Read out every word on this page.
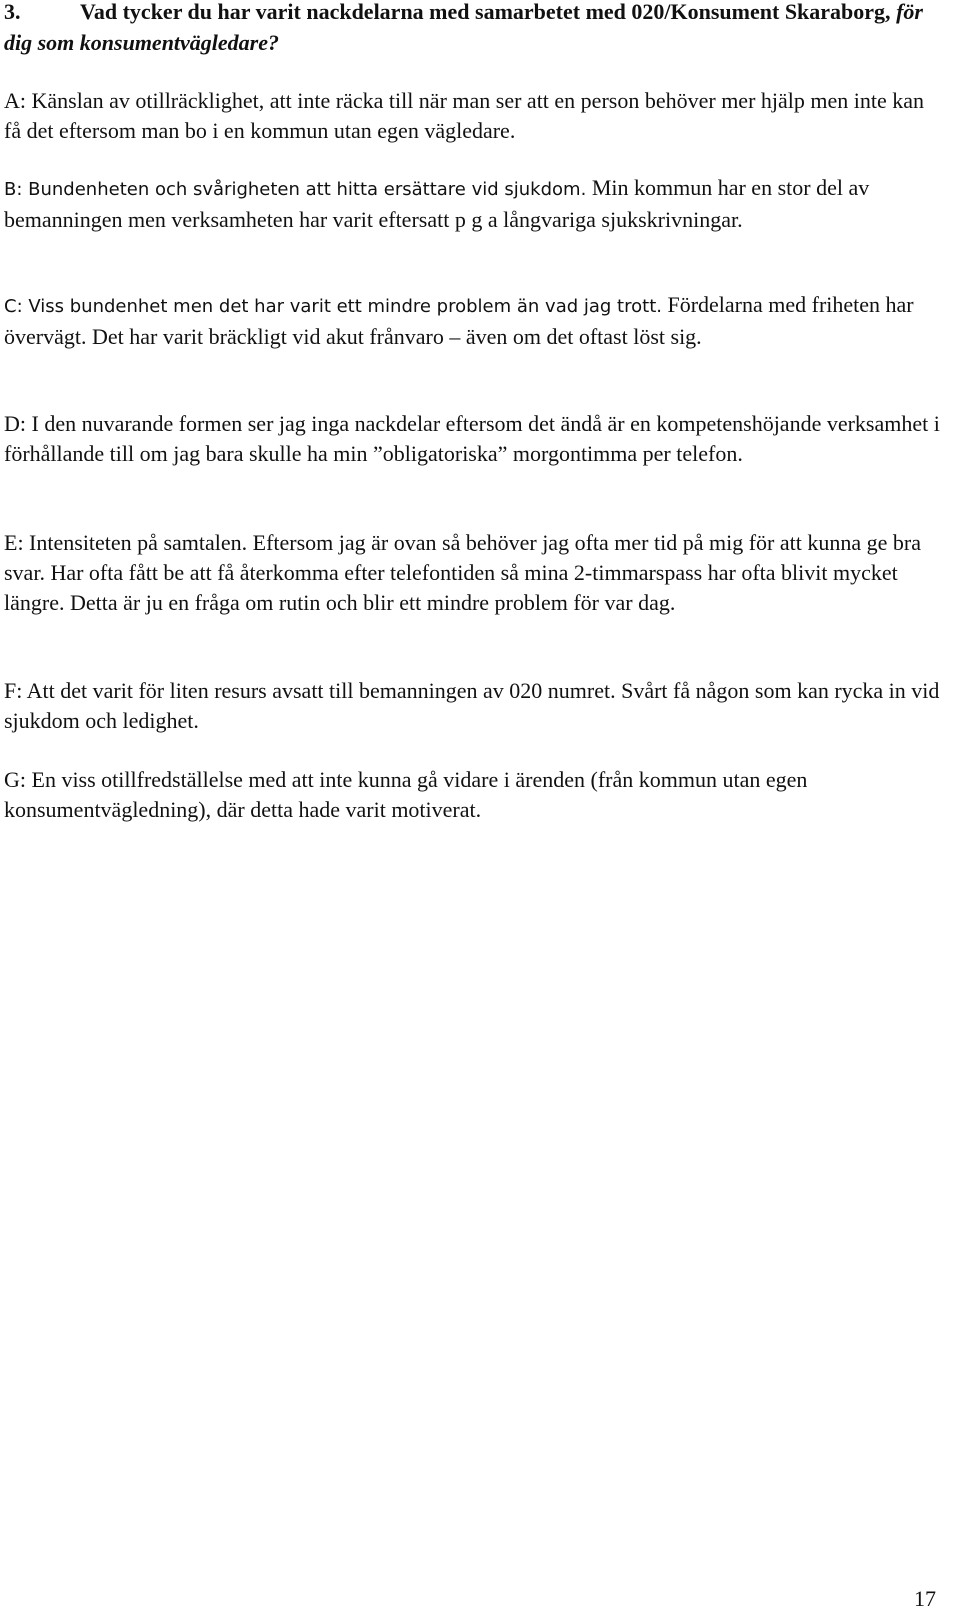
3.	Vad tycker du har varit nackdelarna med samarbetet med 020/Konsument Skaraborg, för dig som konsumentvägledare?

A: Känslan av otillräcklighet, att inte räcka till när man ser att en person behöver mer hjälp men inte kan få det eftersom man bo i en kommun utan egen vägledare.

B: Bundenheten och svårigheten att hitta ersättare vid sjukdom. Min kommun har en stor del av bemanningen men verksamheten har varit eftersatt p g a långvariga sjukskrivningar.

C: Viss bundenhet men det har varit ett mindre problem än vad jag trott. Fördelarna med friheten har övervägt. Det har varit bräckligt vid akut frånvaro – även om det oftast löst sig.

D: I den nuvarande formen ser jag inga nackdelar eftersom det ändå är en kompetenshöjande verksamhet i förhållande till om jag bara skulle ha min ”obligatoriska” morgontimma per telefon.

E: Intensiteten på samtalen. Eftersom jag är ovan så behöver jag ofta mer tid på mig för att kunna ge bra svar. Har ofta fått be att få återkomma efter telefontiden så mina 2-timmarspass har ofta blivit mycket längre. Detta är ju en fråga om rutin och blir ett mindre problem för var dag.

F: Att det varit för liten resurs avsatt till bemanningen av 020 numret. Svårt få någon som kan rycka in vid sjukdom och ledighet.

G: En viss otillfredställelse med att inte kunna gå vidare i ärenden (från kommun utan egen konsumentvägledning), där detta hade varit motiverat.

17
